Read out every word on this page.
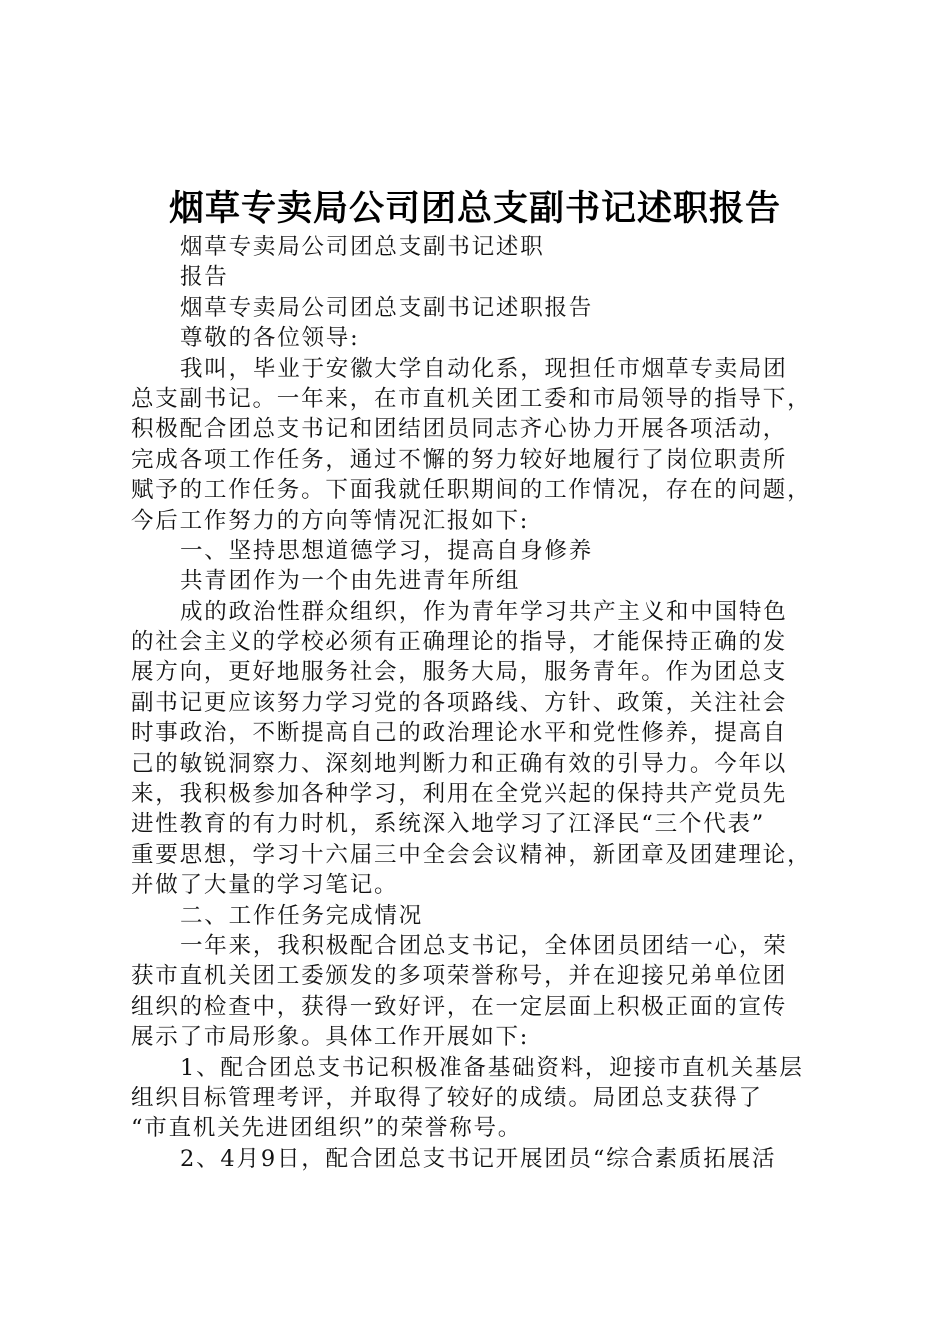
烟草专卖局公司团总支副书记述职报告
烟草专卖局公司团总支副书记述职
报告
烟草专卖局公司团总支副书记述职报告
尊敬的各位领导:
我叫，毕业于安徽大学自动化系，现担任市烟草专卖局团
总支副书记。一年来，在市直机关团工委和市局领导的指导下，
积极配合团总支书记和团结团员同志齐心协力开展各项活动，
完成各项工作任务，通过不懈的努力较好地履行了岗位职责所
赋予的工作任务。下面我就任职期间的工作情况，存在的问题，
今后工作努力的方向等情况汇报如下:
一、坚持思想道德学习，提高自身修养
共青团作为一个由先进青年所组
成的政治性群众组织，作为青年学习共产主义和中国特色
的社会主义的学校必须有正确理论的指导，才能保持正确的发
展方向，更好地服务社会，服务大局，服务青年。作为团总支
副书记更应该努力学习党的各项路线、方针、政策，关注社会
时事政治，不断提高自己的政治理论水平和党性修养，提高自
己的敏锐洞察力、深刻地判断力和正确有效的引导力。今年以
来，我积极参加各种学习，利用在全党兴起的保持共产党员先
进性教育的有力时机，系统深入地学习了江泽民“三个代表”
重要思想，学习十六届三中全会会议精神，新团章及团建理论，
并做了大量的学习笔记。
二、工作任务完成情况
一年来，我积极配合团总支书记，全体团员团结一心，荣
获市直机关团工委颁发的多项荣誉称号，并在迎接兄弟单位团
组织的检查中，获得一致好评，在一定层面上积极正面的宣传
展示了市局形象。具体工作开展如下:
1、配合团总支书记积极准备基础资料，迎接市直机关基层
组织目标管理考评，并取得了较好的成绩。局团总支获得了
“市直机关先进团组织”的荣誉称号。
2、4月9日，配合团总支书记开展团员“综合素质拓展活
